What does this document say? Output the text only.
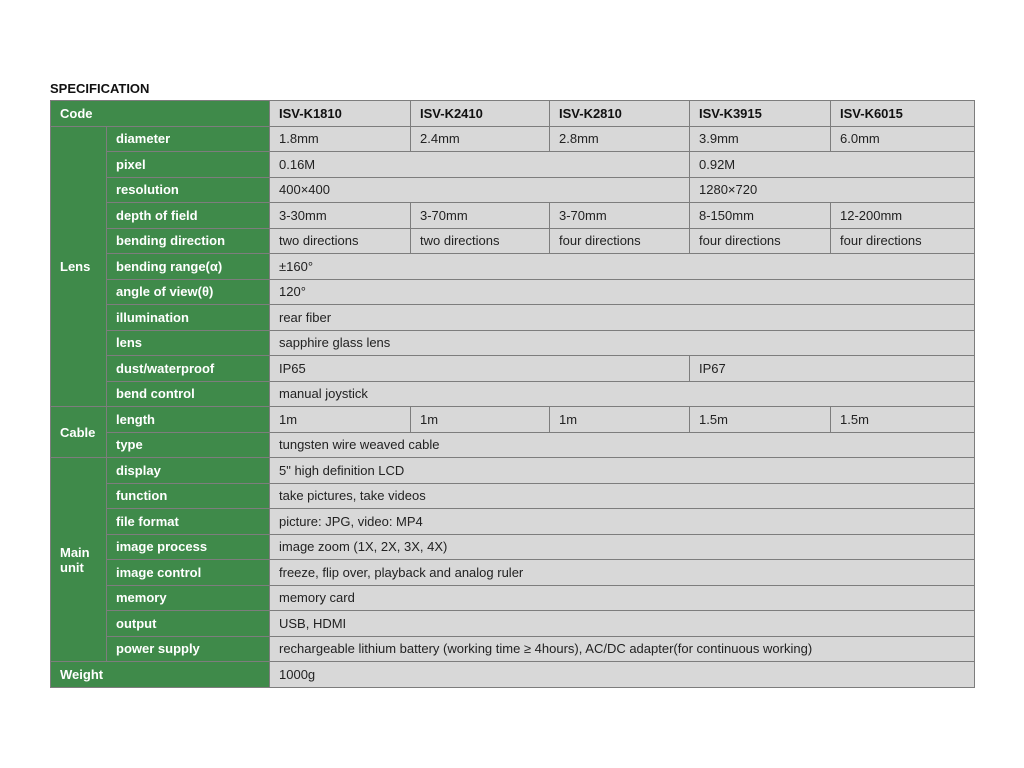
SPECIFICATION
Code		ISV-K1810	ISV-K2410	ISV-K2810	ISV-K3915	ISV-K6015
Lens	diameter	1.8mm	2.4mm	2.8mm	3.9mm	6.0mm
	pixel	0.16M			0.92M	
	resolution	400×400			1280×720	
	depth of field	3-30mm	3-70mm	3-70mm	8-150mm	12-200mm
	bending direction	two directions	two directions	four directions	four directions	four directions
	bending range(α)	±160°				
	angle of view(θ)	120°				
	illumination	rear fiber				
	lens	sapphire glass lens				
	dust/waterproof	IP65			IP67	
	bend control	manual joystick				
Cable	length	1m	1m	1m	1.5m	1.5m
	type	tungsten wire weaved cable				
Main
unit	display	5" high definition LCD				
	function	take pictures, take videos				
	file format	picture: JPG, video: MP4				
	image process	image zoom (1X, 2X, 3X, 4X)				
	image control	freeze, flip over, playback and analog ruler				
	memory	memory card				
	output	USB, HDMI				
	power supply	rechargeable lithium battery (working time ≥ 4hours), AC/DC adapter(for continuous working)				
Weight		1000g				
